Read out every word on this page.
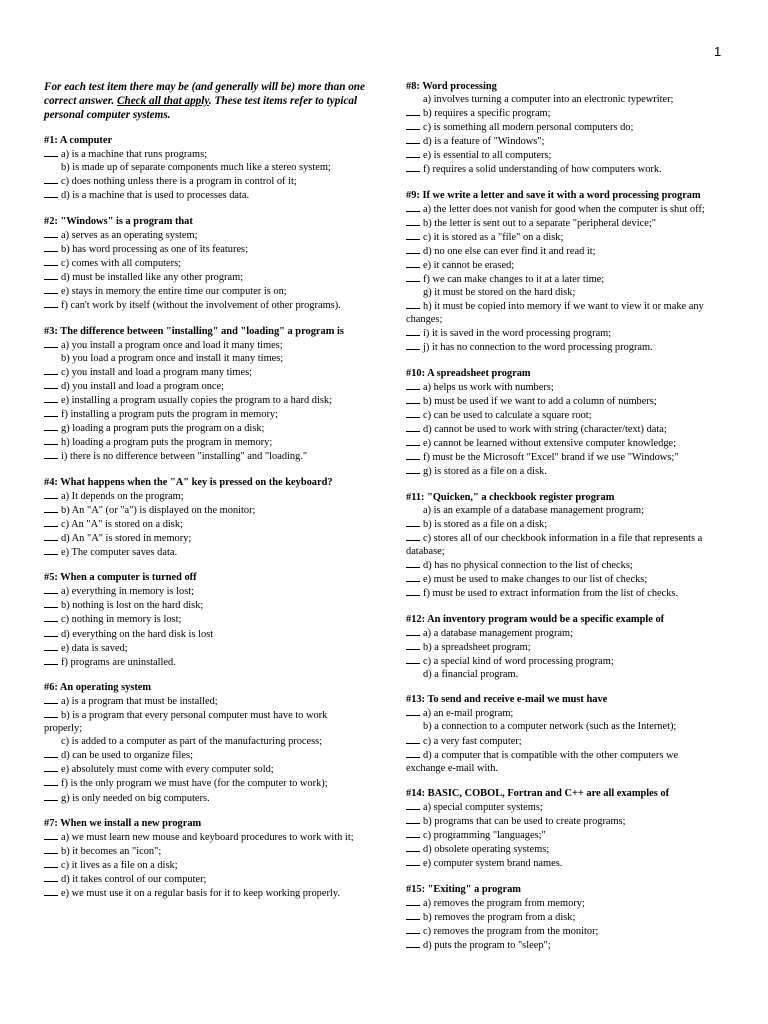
1
For each test item there may be (and generally will be) more than one correct answer. Check all that apply. These test items refer to typical personal computer systems.
#1: A computer
a) is a machine that runs programs;
b) is made up of separate components much like a stereo system;
c) does nothing unless there is a program in control of it;
d) is a machine that is used to processes data.
#2: "Windows" is a program that
a) serves as an operating system;
b) has word processing as one of its features;
c) comes with all computers;
d) must be installed like any other program;
e) stays in memory the entire time our computer is on;
f) can't work by itself (without the involvement of other programs).
#3: The difference between "installing" and "loading" a program is
a) you install a program once and load it many times;
b) you load a program once and install it many times;
c) you install and load a program many times;
d) you install and load a program once;
e) installing a program usually copies the program to a hard disk;
f) installing a program puts the program in memory;
g) loading a program puts the program on a disk;
h) loading a program puts the program in memory;
i) there is no difference between "installing" and "loading."
#4: What happens when the "A" key is pressed on the keyboard?
a) It depends on the program;
b) An "A" (or "a") is displayed on the monitor;
c) An "A" is stored on a disk;
d) An "A" is stored in memory;
e) The computer saves data.
#5: When a computer is turned off
a) everything in memory is lost;
b) nothing is lost on the hard disk;
c) nothing in memory is lost;
d) everything on the hard disk is lost
e) data is saved;
f) programs are uninstalled.
#6: An operating system
a) is a program that must be installed;
b) is a program that every personal computer must have to work properly;
c) is added to a computer as part of the manufacturing process;
d) can be used to organize files;
e) absolutely must come with every computer sold;
f) is the only program we must have (for the computer to work);
g) is only needed on big computers.
#7: When we install a new program
a) we must learn new mouse and keyboard procedures to work with it;
b) it becomes an "icon";
c) it lives as a file on a disk;
d) it takes control of our computer;
e) we must use it on a regular basis for it to keep working properly.
#8: Word processing
a) involves turning a computer into an electronic typewriter;
b) requires a specific program;
c) is something all modern personal computers do;
d) is a feature of "Windows";
e) is essential to all computers;
f) requires a solid understanding of how computers work.
#9: If we write a letter and save it with a word processing program
a) the letter does not vanish for good when the computer is shut off;
b) the letter is sent out to a separate "peripheral device;"
c) it is stored as a "file" on a disk;
d) no one else can ever find it and read it;
e) it cannot be erased;
f) we can make changes to it at a later time;
g) it must be stored on the hard disk;
h) it must be copied into memory if we want to view it or make any changes;
i) it is saved in the word processing program;
j) it has no connection to the word processing program.
#10: A spreadsheet program
a) helps us work with numbers;
b) must be used if we want to add a column of numbers;
c) can be used to calculate a square root;
d) cannot be used to work with string (character/text) data;
e) cannot be learned without extensive computer knowledge;
f) must be the Microsoft "Excel" brand if we use "Windows;"
g) is stored as a file on a disk.
#11: "Quicken," a checkbook register program
a) is an example of a database management program;
b) is stored as a file on a disk;
c) stores all of our checkbook information in a file that represents a database;
d) has no physical connection to the list of checks;
e) must be used to make changes to our list of checks;
f) must be used to extract information from the list of checks.
#12: An inventory program would be a specific example of
a) a database management program;
b) a spreadsheet program;
c) a special kind of word processing program;
d) a financial program.
#13: To send and receive e-mail we must have
a) an e-mail program;
b) a connection to a computer network (such as the Internet);
c) a very fast computer;
d) a computer that is compatible with the other computers we exchange e-mail with.
#14: BASIC, COBOL, Fortran and C++ are all examples of
a) special computer systems;
b) programs that can be used to create programs;
c) programming "languages;"
d) obsolete operating systems;
e) computer system brand names.
#15: "Exiting" a program
a) removes the program from memory;
b) removes the program from a disk;
c) removes the program from the monitor;
d) puts the program to "sleep";
